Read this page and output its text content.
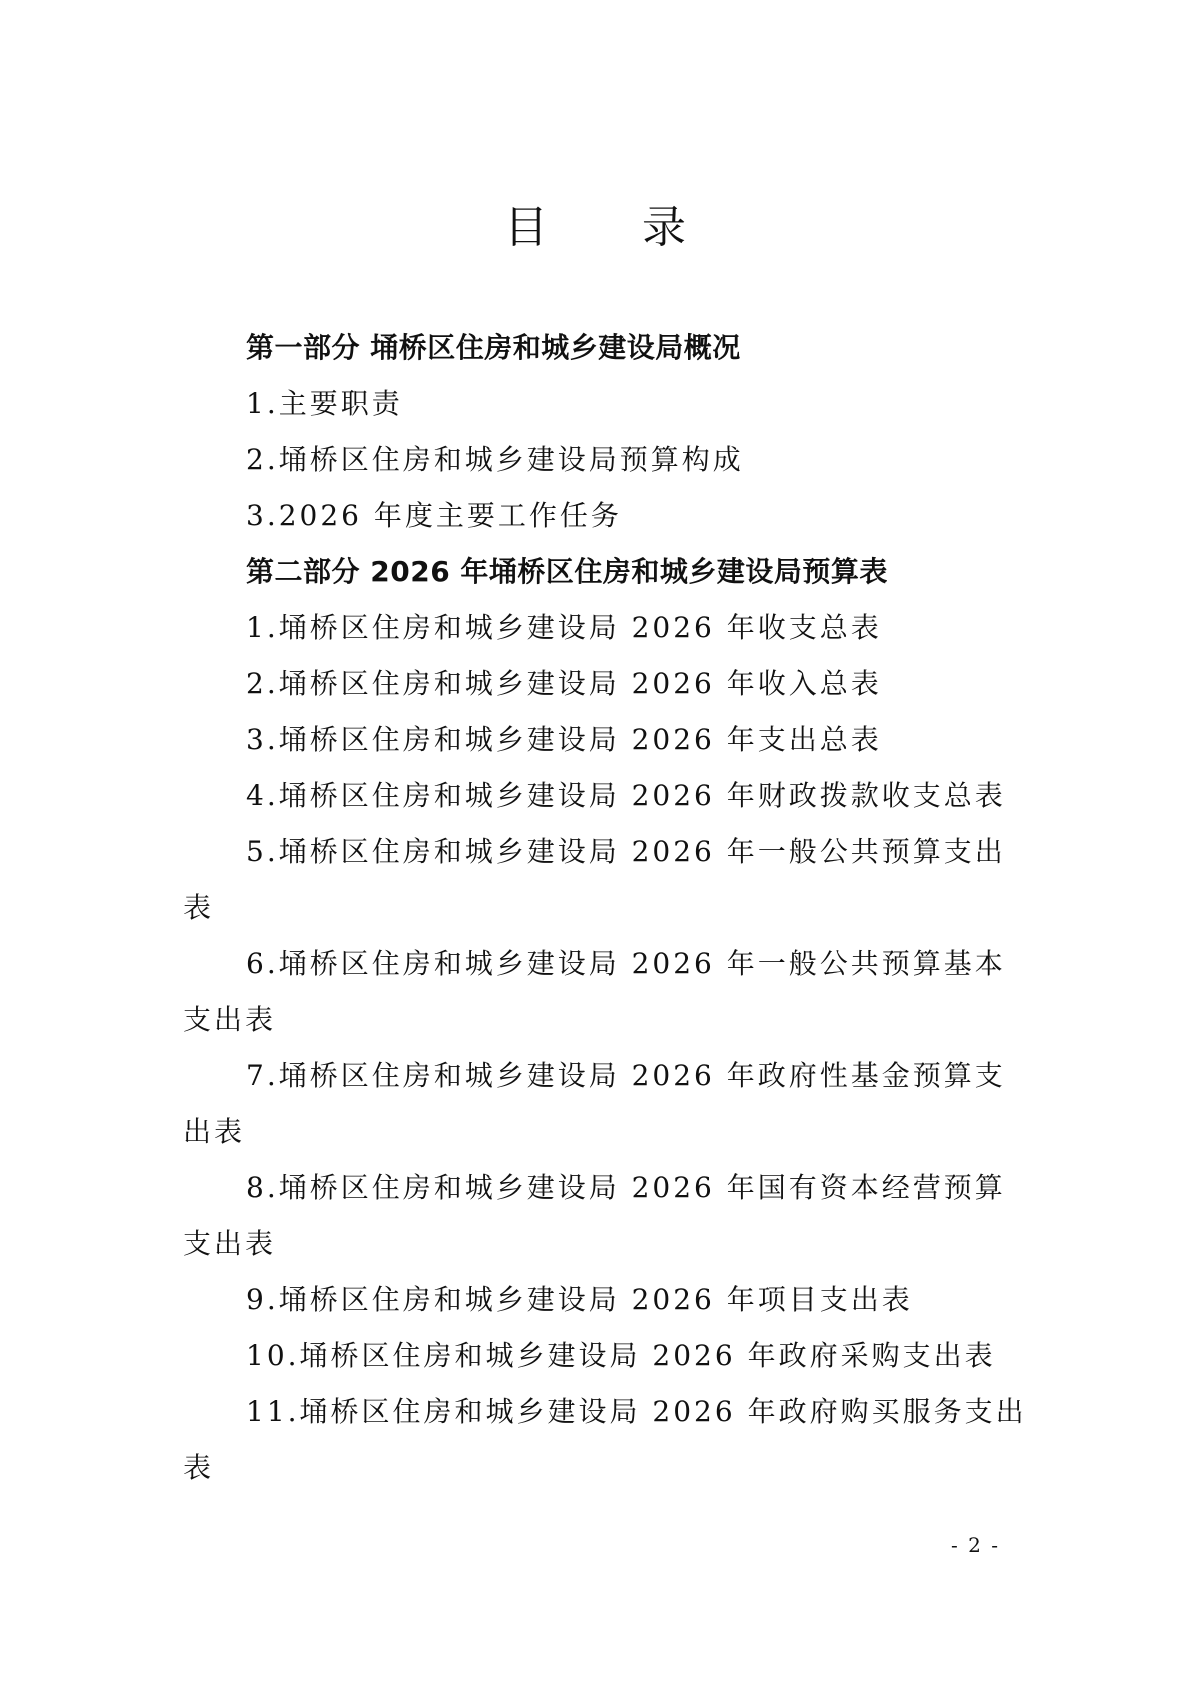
目 录
第一部分 埇桥区住房和城乡建设局概况
1.主要职责
2.埇桥区住房和城乡建设局预算构成
3.2026 年度主要工作任务
第二部分 2026 年埇桥区住房和城乡建设局预算表
1.埇桥区住房和城乡建设局 2026 年收支总表
2.埇桥区住房和城乡建设局 2026 年收入总表
3.埇桥区住房和城乡建设局 2026 年支出总表
4.埇桥区住房和城乡建设局 2026 年财政拨款收支总表
5.埇桥区住房和城乡建设局 2026 年一般公共预算支出
表
6.埇桥区住房和城乡建设局 2026 年一般公共预算基本
支出表
7.埇桥区住房和城乡建设局 2026 年政府性基金预算支
出表
8.埇桥区住房和城乡建设局 2026 年国有资本经营预算
支出表
9.埇桥区住房和城乡建设局 2026 年项目支出表
10.埇桥区住房和城乡建设局 2026 年政府采购支出表
11.埇桥区住房和城乡建设局 2026 年政府购买服务支出
表
- 2 -
